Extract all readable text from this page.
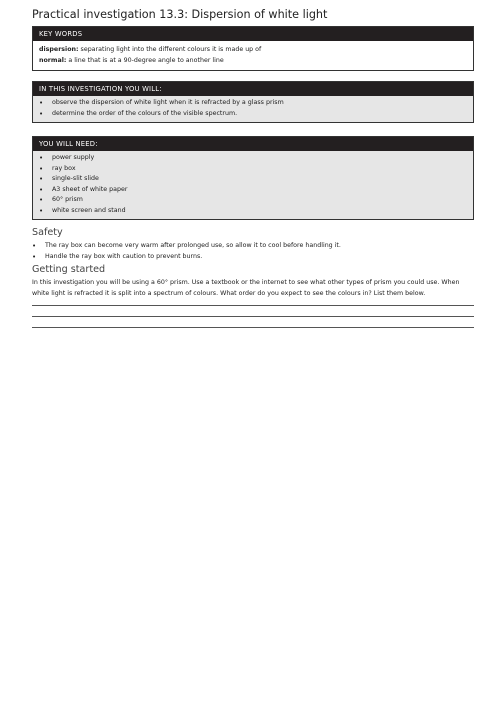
Practical investigation 13.3: Dispersion of white light
KEY WORDS
dispersion: separating light into the different colours it is made up of
normal: a line that is at a 90-degree angle to another line
IN THIS INVESTIGATION YOU WILL:
• observe the dispersion of white light when it is refracted by a glass prism
• determine the order of the colours of the visible spectrum.
YOU WILL NEED:
• power supply
• ray box
• single-slit slide
• A3 sheet of white paper
• 60° prism
• white screen and stand
Safety
• The ray box can become very warm after prolonged use, so allow it to cool before handling it.
• Handle the ray box with caution to prevent burns.
Getting started
In this investigation you will be using a 60° prism. Use a textbook or the internet to see what other types of prism you could use. When white light is refracted it is split into a spectrum of colours. What order do you expect to see the colours in? List them below.
